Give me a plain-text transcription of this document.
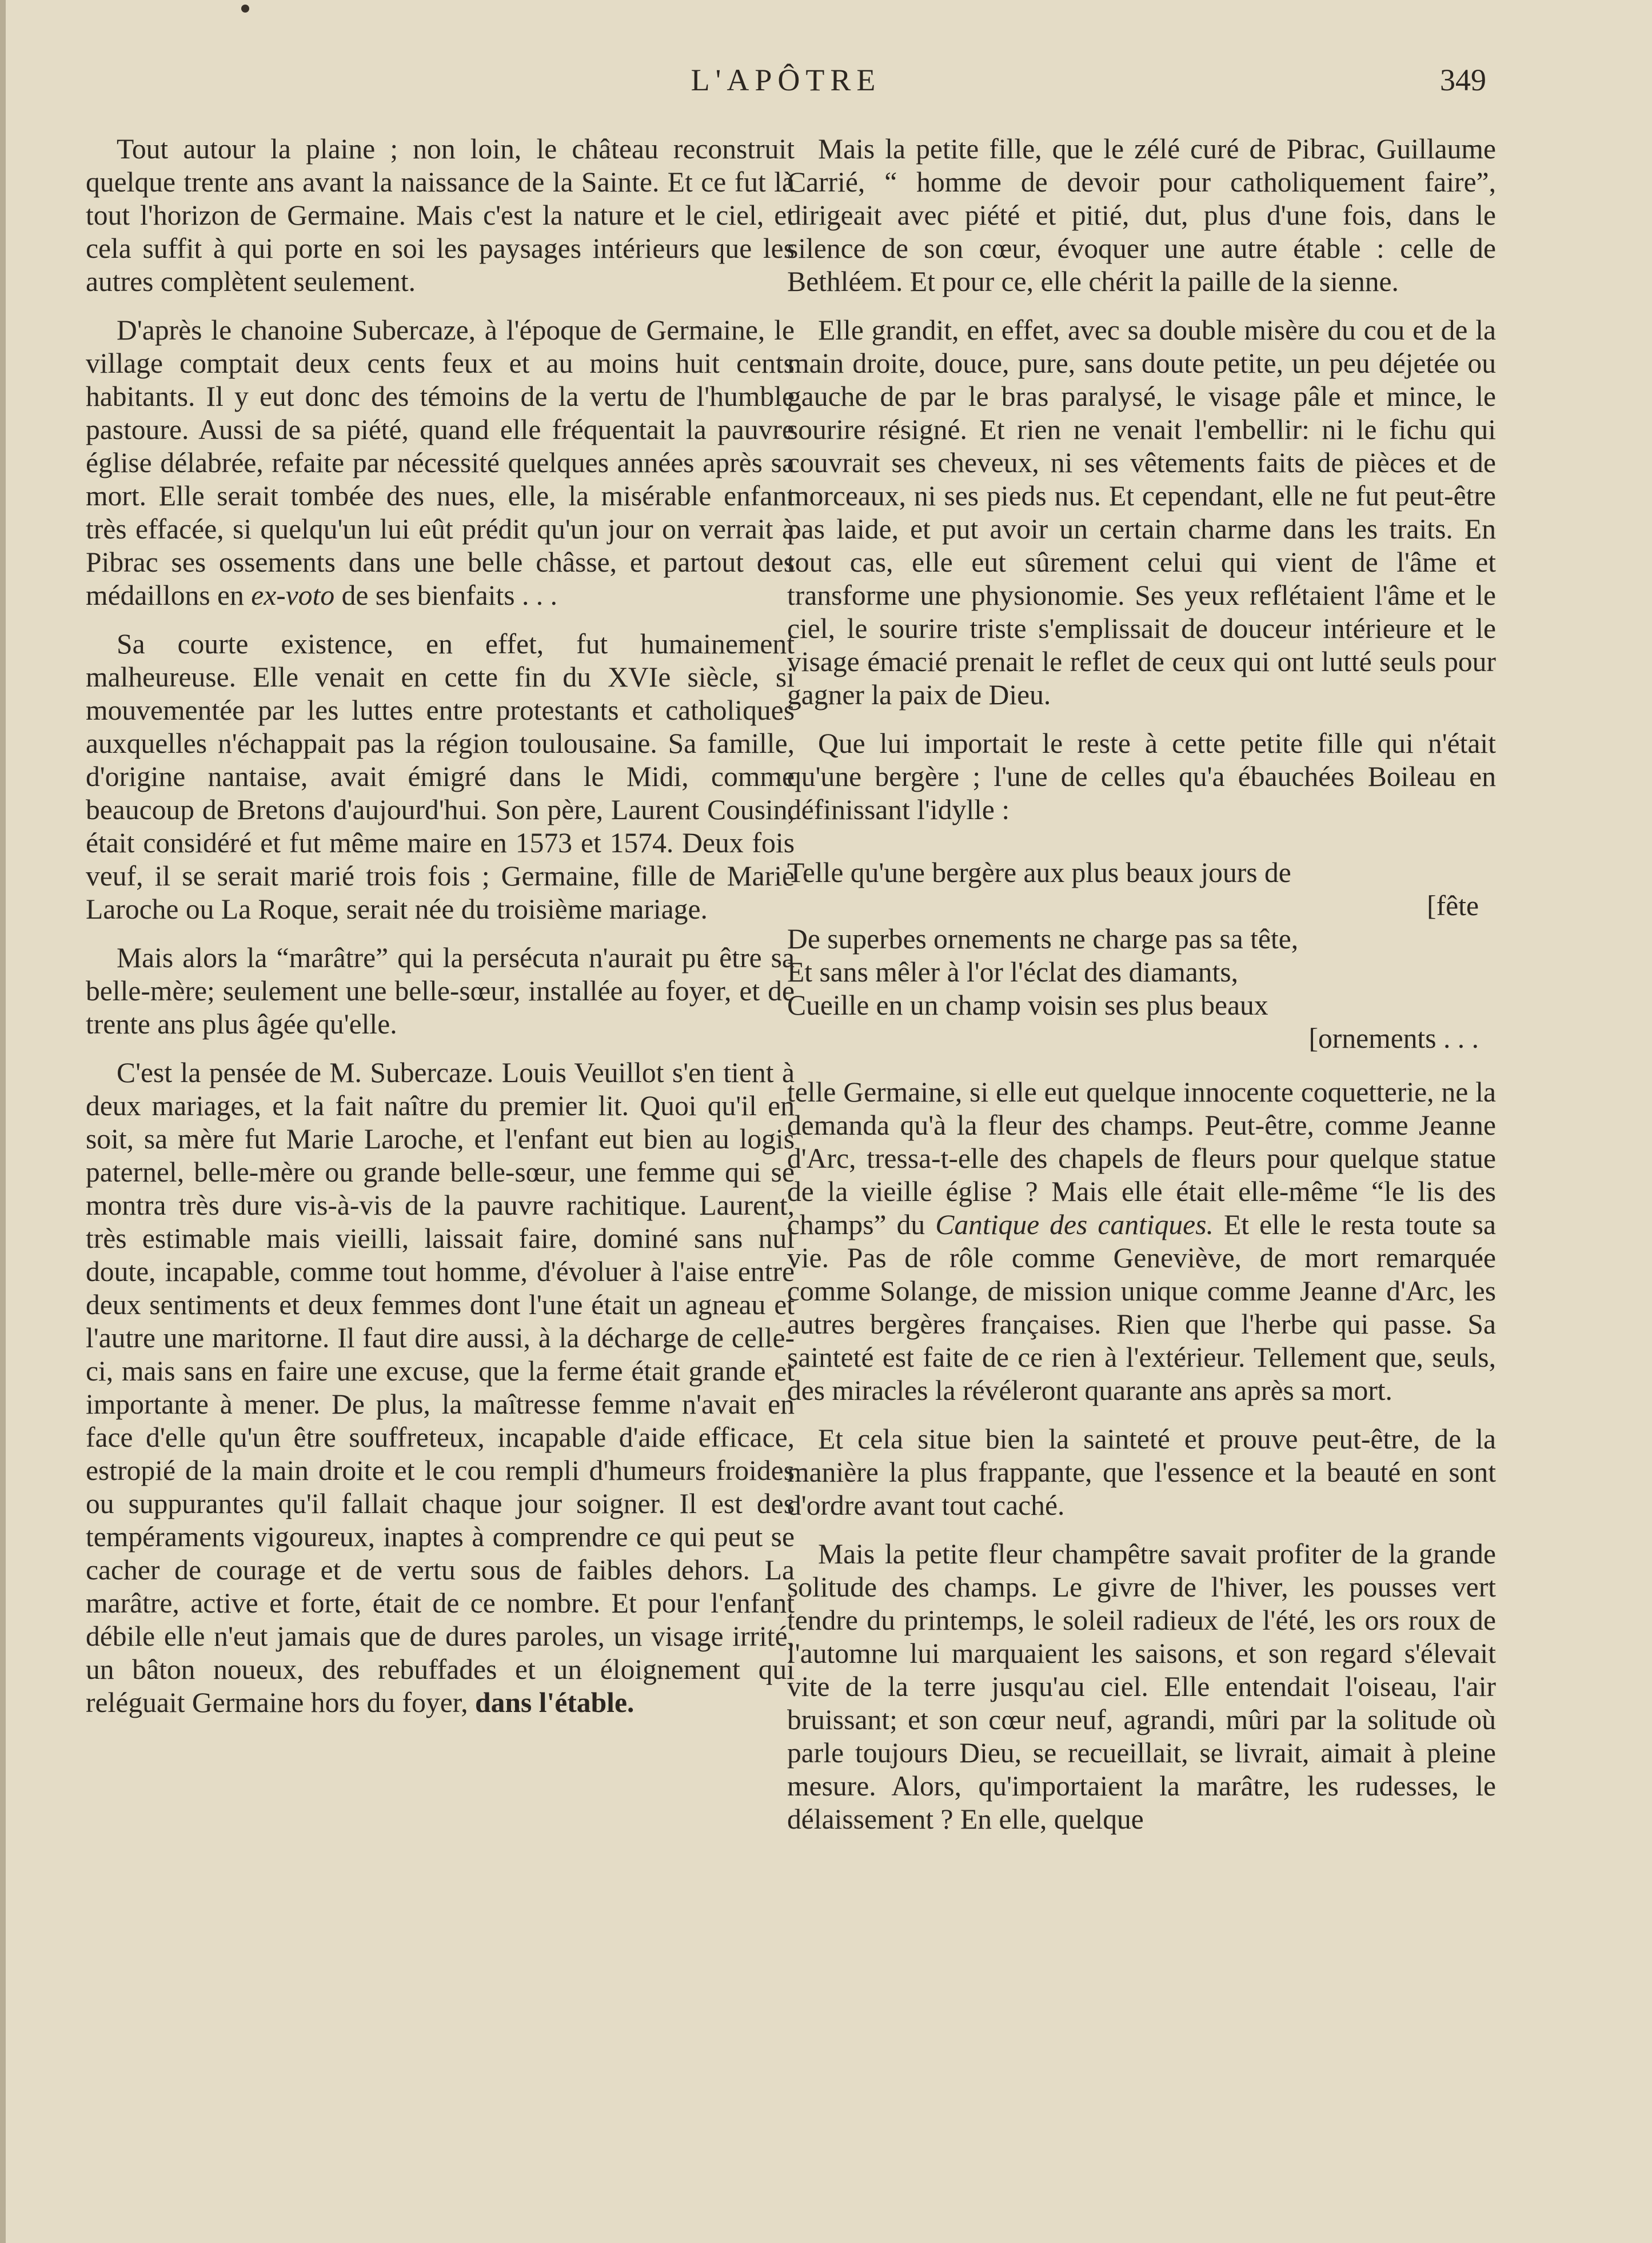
L'APÔTRE	349

Tout autour la plaine ; non loin, le château reconstruit quelque trente ans avant la naissance de la Sainte. Et ce fut là tout l'horizon de Germaine. Mais c'est la nature et le ciel, et cela suffit à qui porte en soi les paysages intérieurs que les autres complètent seulement.

D'après le chanoine Subercaze, à l'époque de Germaine, le village comptait deux cents feux et au moins huit cents habitants. Il y eut donc des témoins de la vertu de l'humble pastoure. Aussi de sa piété, quand elle fréquentait la pauvre église délabrée, refaite par nécessité quelques années après sa mort. Elle serait tombée des nues, elle, la misérable enfant très effacée, si quelqu'un lui eût prédit qu'un jour on verrait à Pibrac ses ossements dans une belle châsse, et partout des médaillons en ex-voto de ses bienfaits . . .

Sa courte existence, en effet, fut humainement malheureuse. Elle venait en cette fin du XVIe siècle, si mouvementée par les luttes entre protestants et catholiques auxquelles n'échappait pas la région toulousaine. Sa famille, d'origine nantaise, avait émigré dans le Midi, comme beaucoup de Bretons d'aujourd'hui. Son père, Laurent Cousin, était considéré et fut même maire en 1573 et 1574. Deux fois veuf, il se serait marié trois fois ; Germaine, fille de Marie Laroche ou La Roque, serait née du troisième mariage.

Mais alors la “marâtre” qui la persécuta n'aurait pu être sa belle-mère; seulement une belle-sœur, installée au foyer, et de trente ans plus âgée qu'elle.

C'est la pensée de M. Subercaze. Louis Veuillot s'en tient à deux mariages, et la fait naître du premier lit. Quoi qu'il en soit, sa mère fut Marie Laroche, et l'enfant eut bien au logis paternel, belle-mère ou grande belle-sœur, une femme qui se montra très dure vis-à-vis de la pauvre rachitique. Laurent, très estimable mais vieilli, laissait faire, dominé sans nul doute, incapable, comme tout homme, d'évoluer à l'aise entre deux sentiments et deux femmes dont l'une était un agneau et l'autre une maritorne. Il faut dire aussi, à la décharge de celle-ci, mais sans en faire une excuse, que la ferme était grande et importante à mener. De plus, la maîtresse femme n'avait en face d'elle qu'un être souffreteux, incapable d'aide efficace, estropié de la main droite et le cou rempli d'humeurs froides ou suppurantes qu'il fallait chaque jour soigner. Il est des tempéraments vigoureux, inaptes à comprendre ce qui peut se cacher de courage et de vertu sous de faibles dehors. La marâtre, active et forte, était de ce nombre. Et pour l'enfant débile elle n'eut jamais que de dures paroles, un visage irrité, un bâton noueux, des rebuffades et un éloignement qui reléguait Germaine hors du foyer, dans l'étable.

Mais la petite fille, que le zélé curé de Pibrac, Guillaume Carrié, “ homme de devoir pour catholiquement faire”, dirigeait avec piété et pitié, dut, plus d'une fois, dans le silence de son cœur, évoquer une autre étable : celle de Bethléem. Et pour ce, elle chérit la paille de la sienne.

Elle grandit, en effet, avec sa double misère du cou et de la main droite, douce, pure, sans doute petite, un peu déjetée ou gauche de par le bras paralysé, le visage pâle et mince, le sourire résigné. Et rien ne venait l'embellir: ni le fichu qui couvrait ses cheveux, ni ses vêtements faits de pièces et de morceaux, ni ses pieds nus. Et cependant, elle ne fut peut-être pas laide, et put avoir un certain charme dans les traits. En tout cas, elle eut sûrement celui qui vient de l'âme et transforme une physionomie. Ses yeux reflétaient l'âme et le ciel, le sourire triste s'emplissait de douceur intérieure et le visage émacié prenait le reflet de ceux qui ont lutté seuls pour gagner la paix de Dieu.

Que lui importait le reste à cette petite fille qui n'était qu'une bergère ; l'une de celles qu'a ébauchées Boileau en définissant l'idylle :

Telle qu'une bergère aux plus beaux jours de

[fête

De superbes ornements ne charge pas sa tête,

Et sans mêler à l'or l'éclat des diamants,

Cueille en un champ voisin ses plus beaux

[ornements . . .

telle Germaine, si elle eut quelque innocente coquetterie, ne la demanda qu'à la fleur des champs. Peut-être, comme Jeanne d'Arc, tressa-t-elle des chapels de fleurs pour quelque statue de la vieille église ? Mais elle était elle-même “le lis des champs” du Cantique des cantiques. Et elle le resta toute sa vie. Pas de rôle comme Geneviève, de mort remarquée comme Solange, de mission unique comme Jeanne d'Arc, les autres bergères françaises. Rien que l'herbe qui passe. Sa sainteté est faite de ce rien à l'extérieur. Tellement que, seuls, des miracles la révéleront quarante ans après sa mort.

Et cela situe bien la sainteté et prouve peut-être, de la manière la plus frappante, que l'essence et la beauté en sont d'ordre avant tout caché.

Mais la petite fleur champêtre savait profiter de la grande solitude des champs. Le givre de l'hiver, les pousses vert tendre du printemps, le soleil radieux de l'été, les ors roux de l'automne lui marquaient les saisons, et son regard s'élevait vite de la terre jusqu'au ciel. Elle entendait l'oiseau, l'air bruissant; et son cœur neuf, agrandi, mûri par la solitude où parle toujours Dieu, se recueillait, se livrait, aimait à pleine mesure. Alors, qu'importaient la marâtre, les rudesses, le délaissement ? En elle, quelque
